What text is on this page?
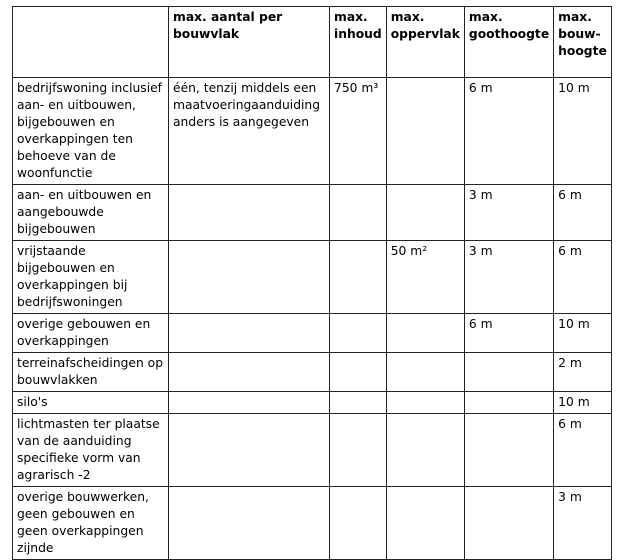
	max. aantal per bouwvlak	max. inhoud	max. oppervlak	max. goothoogte	max. bouw-hoogte
bedrijfswoning inclusief aan- en uitbouwen, bijgebouwen en overkappingen ten behoeve van de woonfunctie	één, tenzij middels een maatvoeringaanduiding anders is aangegeven	750 m³		6 m	10 m
aan- en uitbouwen en aangebouwde bijgebouwen				3 m	6 m
vrijstaande bijgebouwen en overkappingen bij bedrijfswoningen			50 m²	3 m	6 m
overige gebouwen en overkappingen				6 m	10 m
terreinafscheidingen op bouwvlakken					2 m
silo's					10 m
lichtmasten ter plaatse van de aanduiding specifieke vorm van agrarisch -2					6 m
overige bouwwerken, geen gebouwen en geen overkappingen zijnde					3 m
